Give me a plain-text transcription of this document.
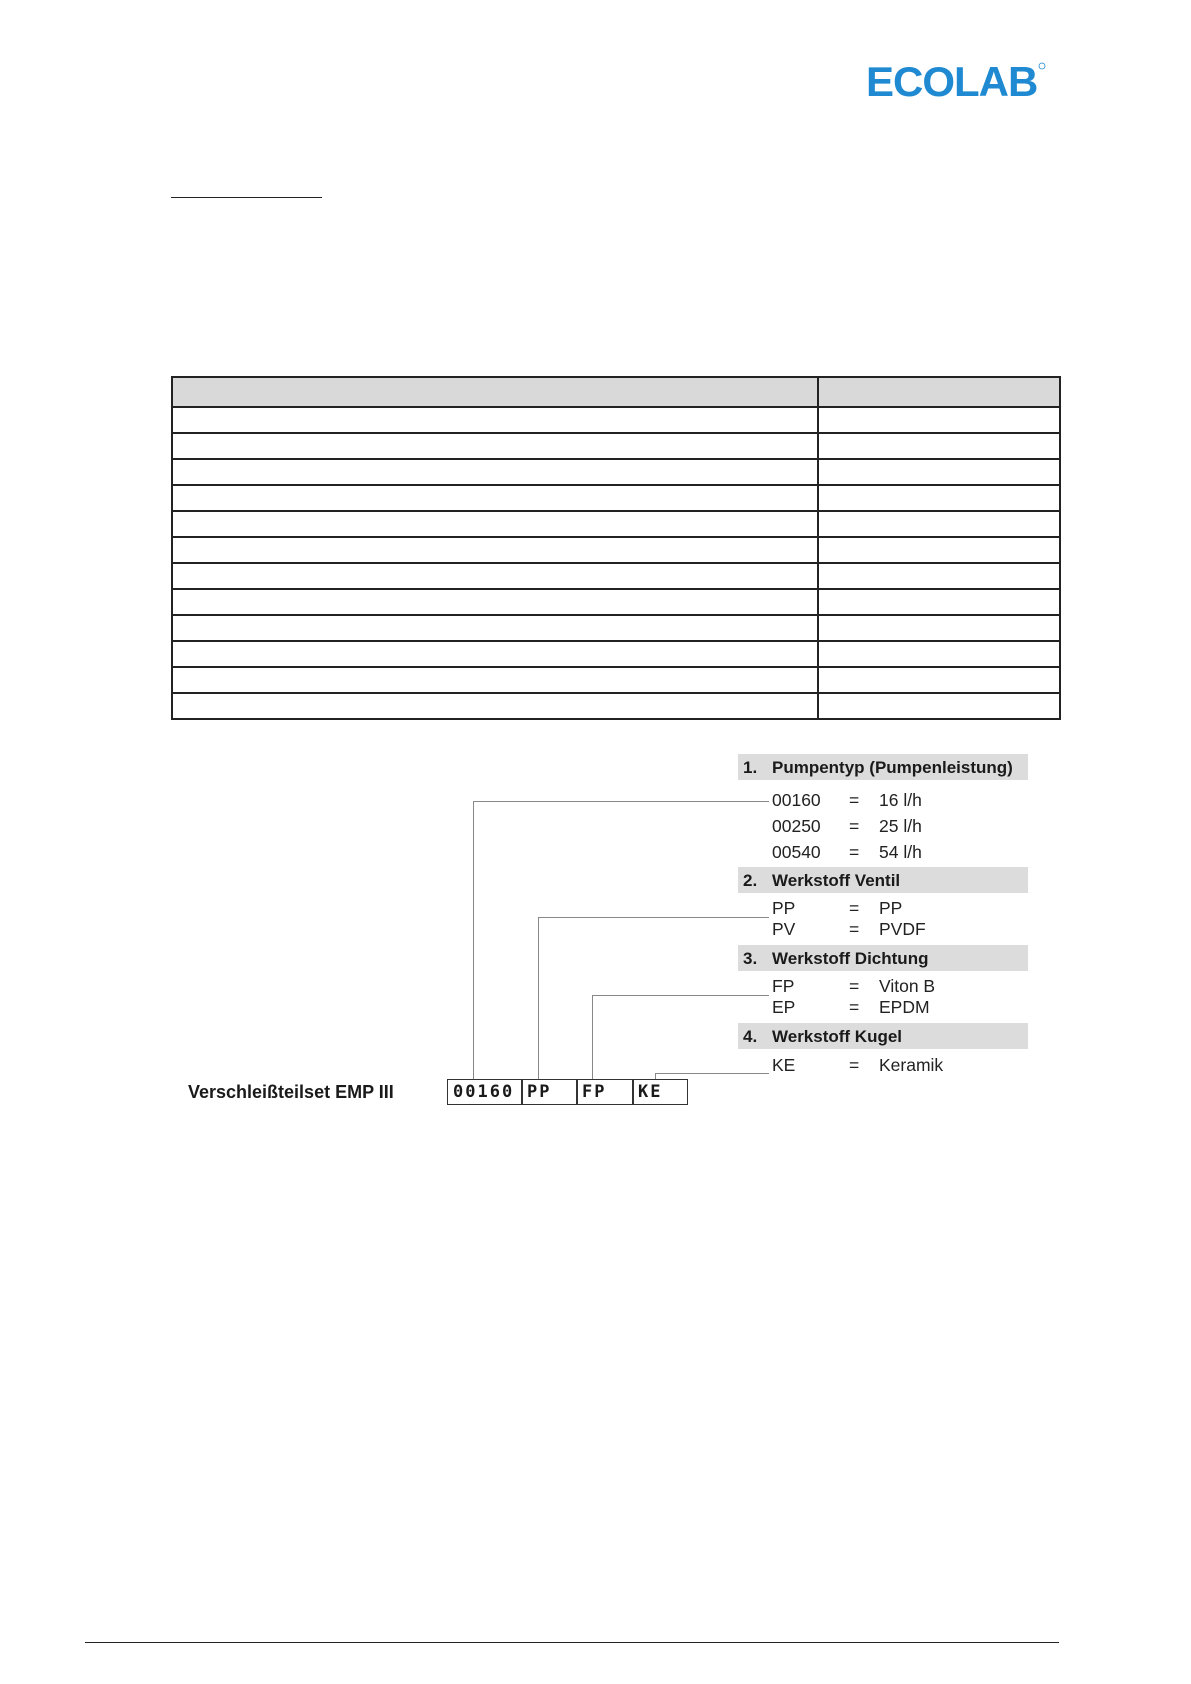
ECOLAB

1. Pumpentyp (Pumpenleistung)
00160 = 16 l/h
00250 = 25 l/h
00540 = 54 l/h
2. Werkstoff Ventil
PP	= PP
PV	= PVDF
3. Werkstoff Dichtung
FP	= Viton B
EP	= EPDM
4. Werkstoff Kugel
KE	= Keramik
Verschleißteilset EMP III	00160 PP	FP	KE
